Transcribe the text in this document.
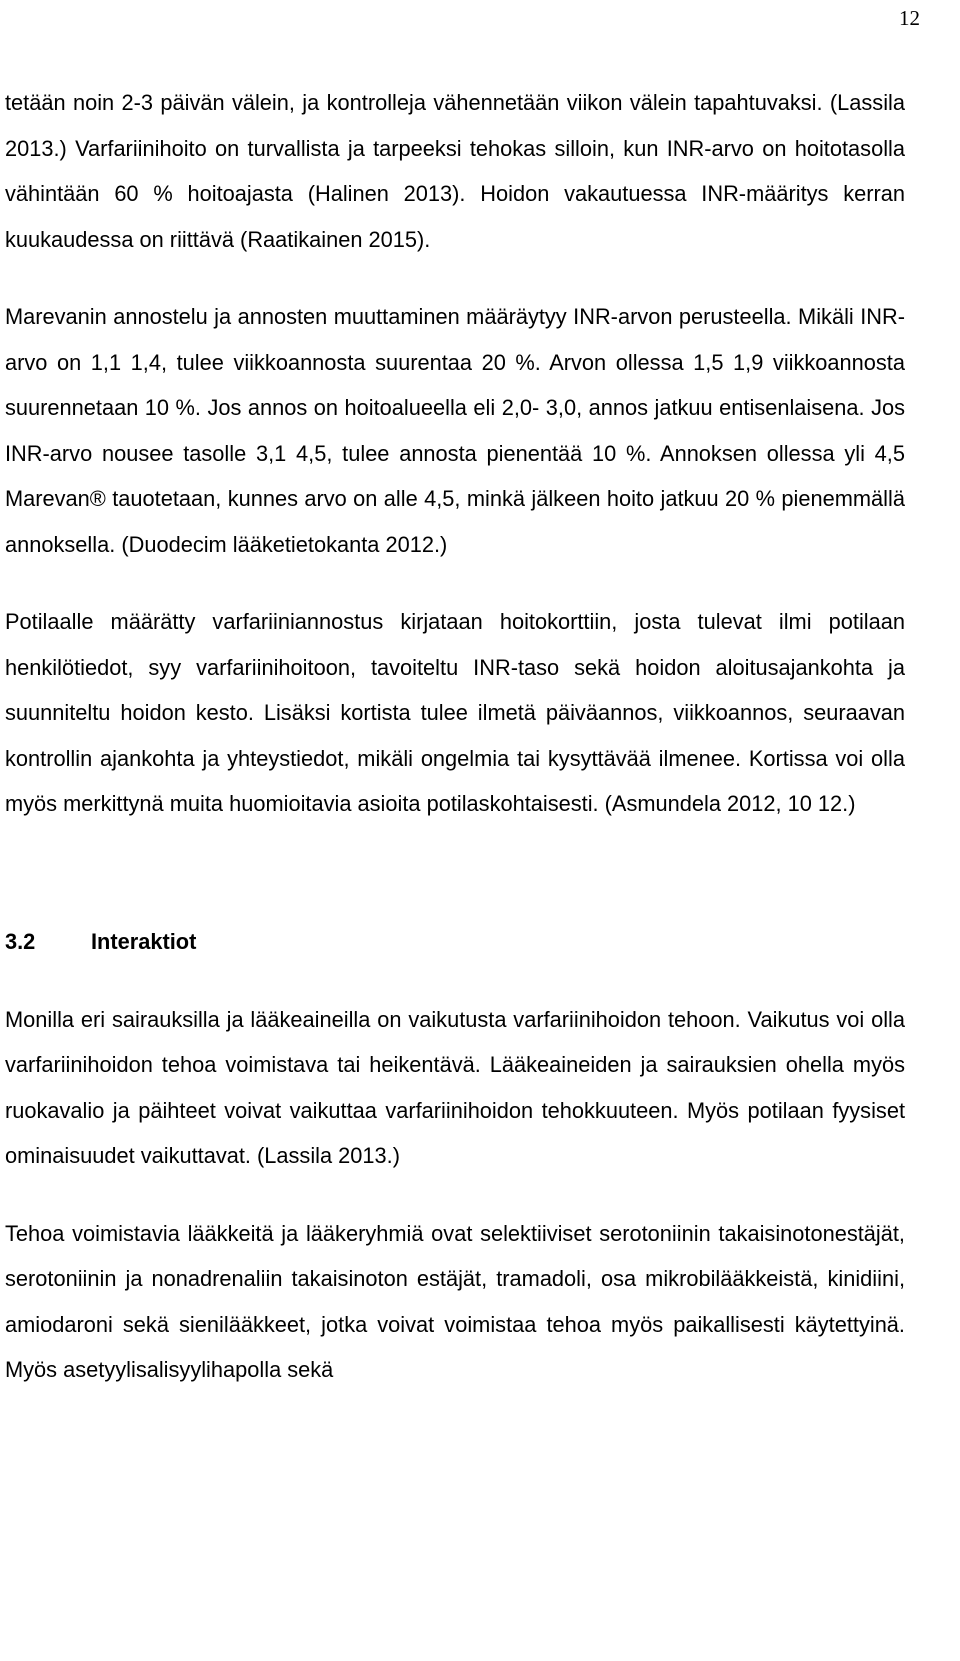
12

tetään noin 2-3 päivän välein, ja kontrolleja vähennetään viikon välein tapahtuvaksi. (Lassila 2013.) Varfariinihoito on turvallista ja tarpeeksi tehokas silloin, kun INR-arvo on hoitotasolla vähintään 60 % hoitoajasta (Halinen 2013). Hoidon vakautuessa INR-määritys kerran kuukaudessa on riittävä (Raatikainen 2015).

Marevanin annostelu ja annosten muuttaminen määräytyy INR-arvon perusteella. Mikäli INR-arvo on 1,1 1,4, tulee viikkoannosta suurentaa 20 %. Arvon ollessa 1,5 1,9 viikkoannosta suurennetaan 10 %. Jos annos on hoitoalueella eli 2,0- 3,0, annos jatkuu entisenlaisena. Jos INR-arvo nousee tasolle 3,1 4,5, tulee annosta pienentää 10 %. Annoksen ollessa yli 4,5 Marevan® tauotetaan, kunnes arvo on alle 4,5, minkä jälkeen hoito jatkuu 20 % pienemmällä annoksella. (Duodecim lääketietokanta 2012.)

Potilaalle määrätty varfariiniannostus kirjataan hoitokorttiin, josta tulevat ilmi potilaan henkilötiedot, syy varfariinihoitoon, tavoiteltu INR-taso sekä hoidon aloitusajankohta ja suunniteltu hoidon kesto. Lisäksi kortista tulee ilmetä päiväannos, viikkoannos, seuraavan kontrollin ajankohta ja yhteystiedot, mikäli ongelmia tai kysyttävää ilmenee. Kortissa voi olla myös merkittynä muita huomioitavia asioita potilaskohtaisesti. (Asmundela 2012, 10 12.)

3.2	Interaktiot

Monilla eri sairauksilla ja lääkeaineilla on vaikutusta varfariinihoidon tehoon. Vaikutus voi olla varfariinihoidon tehoa voimistava tai heikentävä. Lääkeaineiden ja sairauksien ohella myös ruokavalio ja päihteet voivat vaikuttaa varfariinihoidon tehokkuuteen. Myös potilaan fyysiset ominaisuudet vaikuttavat. (Lassila 2013.)

Tehoa voimistavia lääkkeitä ja lääkeryhmiä ovat selektiiviset serotoniinin takaisinotonestäjät, serotoniinin ja nonadrenaliin takaisinoton estäjät, tramadoli, osa mikrobilääkkeistä, kinidiini, amiodaroni sekä sienilääkkeet, jotka voivat voimistaa tehoa myös paikallisesti käytettyinä. Myös asetyylisalisyylihapolla sekä
